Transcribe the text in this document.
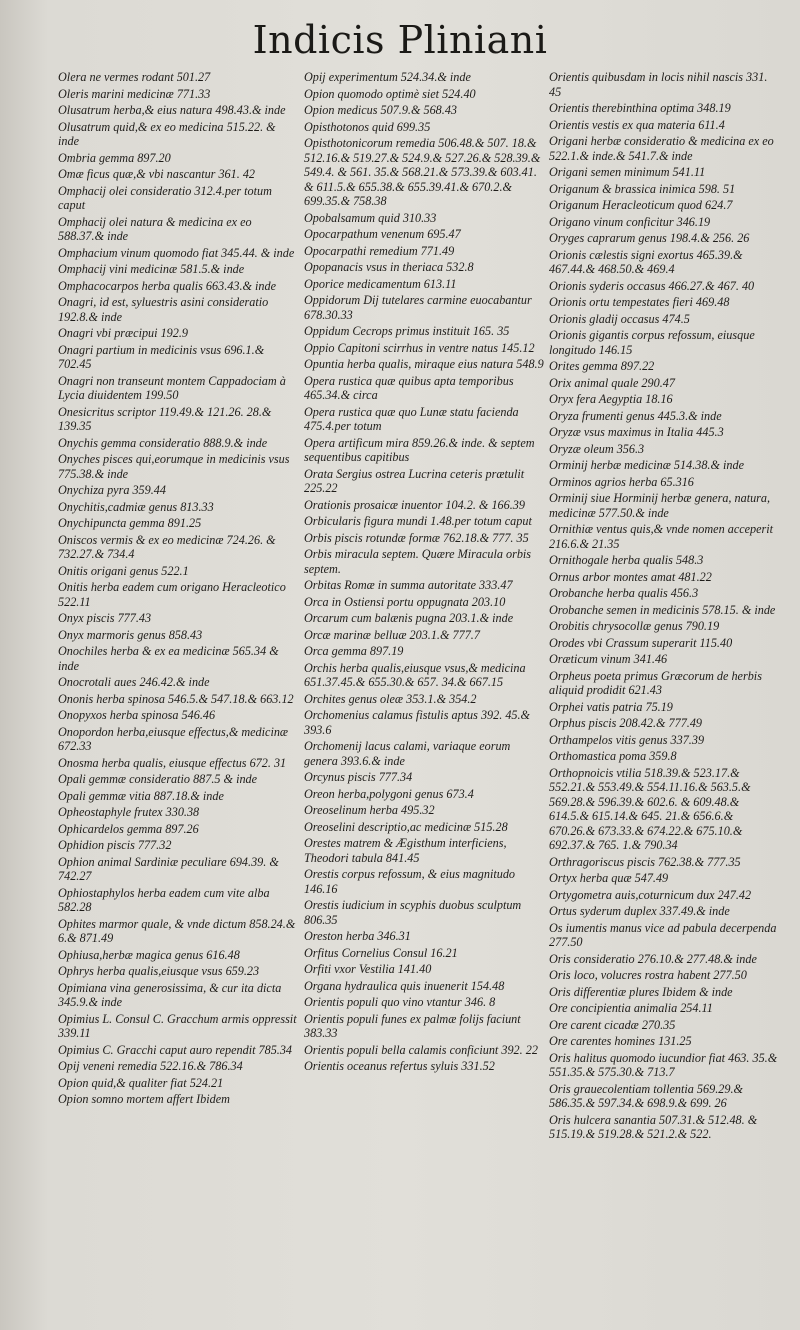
Indicis Pliniani
Olera ne vermes rodant 501.27
Oleris marini medicinæ 771.33
Olusatrum herba,& eius natura 498.43.& inde
Olusatrum quid,& ex eo medicina 515.22. & inde
Ombria gemma 897.20
Omæ ficus quæ,& vbi nascantur 361. 42
Omphacij olei consideratio 312.4.per totum caput
Omphacij olei natura & medicina ex eo 588.37.& inde
Omphacium vinum quomodo fiat 345.44. & inde
Omphacij vini medicinæ 581.5.& inde
Omphacocarpos herba qualis 663.43.& inde
Onagri, id est, syluestris asini consideratio 192.8.& inde
Onagri vbi præcipui 192.9
Onagri partium in medicinis vsus 696.1.& 702.45
Onagri non transeunt montem Cappadociam à Lycia diuidentem 199.50
Onesicritus scriptor 119.49.& 121.26. 28.& 139.35
Onychis gemma consideratio 888.9.& inde
Onyches pisces qui,eorumque in medicinis vsus 775.38.& inde
Onychiza pyra 359.44
Onychitis,cadmiæ genus 813.33
Onychipuncta gemma 891.25
Oniscos vermis & ex eo medicinæ 724.26. & 732.27.& 734.4
Onitis origani genus 522.1
Onitis herba eadem cum origano Heracleotico 522.11
Onyx piscis 777.43
Onyx marmoris genus 858.43
Onochiles herba & ex ea medicinæ 565.34 & inde
Onocrotali aues 246.42.& inde
Ononis herba spinosa 546.5.& 547.18.& 663.12
Onopyxos herba spinosa 546.46
Onopordon herba,eiusque effectus,& medicinæ 672.33
Onosma herba qualis, eiusque effectus 672. 31
Opali gemmæ consideratio 887.5 & inde
Opali gemmæ vitia 887.18.& inde
Opheostaphyle frutex 330.38
Ophicardelos gemma 897.26
Ophidion piscis 777.32
Ophion animal Sardiniæ peculiare 694.39. & 742.27
Ophiostaphylos herba eadem cum vite alba 582.28
Ophites marmor quale, & vnde dictum 858.24.& 6.& 871.49
Ophiusa,herbæ magica genus 616.48
Ophrys herba qualis,eiusque vsus 659.23
Opimiana vina generosissima, & cur ita dicta 345.9.& inde
Opimius L. Consul C. Gracchum armis oppressit 339.11
Opimius C. Gracchi caput auro rependit 785.34
Opij veneni remedia 522.16.& 786.34
Opion quid,& qualiter fiat 524.21
Opion somno mortem affert Ibidem
Opij experimentum 524.34.& inde
Opion quomodo optimè siet 524.40
Opion medicus 507.9.& 568.43
Opisthotonos quid 699.35
Opisthotonicorum remedia 506.48.& 507. 18.& 512.16.& 519.27.& 524.9.& 527.26.& 528.39.& 549.4. & 561. 35.& 568.21.& 573.39.& 603.41. & 611.5.& 655.38.& 655.39.41.& 670.2.& 699.35.& 758.38
Opobalsamum quid 310.33
Opocarpathum venenum 695.47
Opocarpathi remedium 771.49
Opopanacis vsus in theriaca 532.8
Oporice medicamentum 613.11
Oppidorum Dij tutelares carmine euocabantur 678.30.33
Oppidum Cecrops primus instituit 165. 35
Oppio Capitoni scirrhus in ventre natus 145.12
Opuntia herba qualis, miraque eius natura 548.9
Opera rustica quæ quibus apta temporibus 465.34.& circa
Opera rustica quæ quo Lunæ statu facienda 475.4.per totum
Opera artificum mira 859.26.& inde. & septem sequentibus capitibus
Orata Sergius ostrea Lucrina ceteris prætulit 225.22
Orationis prosaicæ inuentor 104.2. & 166.39
Orbicularis figura mundi 1.48.per totum caput
Orbis piscis rotundæ formæ 762.18.& 777. 35
Orbis miracula septem. Quære Miracula orbis septem.
Orbitas Romæ in summa autoritate 333.47
Orca in Ostiensi portu oppugnata 203.10
Orcarum cum balænis pugna 203.1.& inde
Orcæ marinæ belluæ 203.1.& 777.7
Orca gemma 897.19
Orchis herba qualis,eiusque vsus,& medicina 651.37.45.& 655.30.& 657. 34.& 667.15
Orchites genus oleæ 353.1.& 354.2
Orchomenius calamus fistulis aptus 392. 45.& 393.6
Orchomenij lacus calami, variaque eorum genera 393.6.& inde
Orcynus piscis 777.34
Oreon herba,polygoni genus 673.4
Oreoselinum herba 495.32
Oreoselini descriptio,ac medicinæ 515.28
Orestes matrem & Ægisthum interficiens, Theodori tabula 841.45
Orestis corpus refossum, & eius magnitudo 146.16
Orestis iudicium in scyphis duobus sculptum 806.35
Oreston herba 346.31
Orfitus Cornelius Consul 16.21
Orfiti vxor Vestilia 141.40
Organa hydraulica quis inuenerit 154.48
Orientis populi quo vino vtantur 346. 8
Orientis populi funes ex palmæ folijs faciunt 383.33
Orientis populi bella calamis conficiunt 392. 22
Orientis oceanus refertus syluis 331.52
Orientis quibusdam in locis nihil nascis 331. 45
Orientis therebinthina optima 348.19
Orientis vestis ex qua materia 611.4
Origani herbæ consideratio & medicina ex eo 522.1.& inde.& 541.7.& inde
Origani semen minimum 541.11
Origanum & brassica inimica 598. 51
Origanum Heracleoticum quod 624.7
Origano vinum conficitur 346.19
Oryges caprarum genus 198.4.& 256. 26
Orionis cælestis signi exortus 465.39.& 467.44.& 468.50.& 469.4
Orionis syderis occasus 466.27.& 467. 40
Orionis ortu tempestates fieri 469.48
Orionis gladij occasus 474.5
Orionis gigantis corpus refossum, eiusque longitudo 146.15
Orites gemma 897.22
Orix animal quale 290.47
Oryx fera Aegyptia 18.16
Oryza frumenti genus 445.3.& inde
Oryzæ vsus maximus in Italia 445.3
Oryzæ oleum 356.3
Orminij herbæ medicinæ 514.38.& inde
Orminos agrios herba 65.316
Orminij siue Horminij herbæ genera, natura, medicinæ 577.50.& inde
Ornithiæ ventus quis,& vnde nomen acceperit 216.6.& 21.35
Ornithogale herba qualis 548.3
Ornus arbor montes amat 481.22
Orobanche herba qualis 456.3
Orobanche semen in medicinis 578.15. & inde
Orobitis chrysocollæ genus 790.19
Orodes vbi Crassum superarit 115.40
Oræticum vinum 341.46
Orpheus poeta primus Græcorum de herbis aliquid prodidit 621.43
Orphei vatis patria 75.19
Orphus piscis 208.42.& 777.49
Orthampelos vitis genus 337.39
Orthomastica poma 359.8
Orthopnoicis vtilia 518.39.& 523.17.& 552.21.& 553.49.& 554.11.16.& 563.5.& 569.28.& 596.39.& 602.6. & 609.48.& 614.5.& 615.14.& 645. 21.& 656.6.& 670.26.& 673.33.& 674.22.& 675.10.& 692.37.& 765. 1.& 790.34
Orthragoriscus piscis 762.38.& 777.35
Ortyx herba quæ 547.49
Ortygometra auis,coturnicum dux 247.42
Ortus syderum duplex 337.49.& inde
Os iumentis manus vice ad pabula decerpenda 277.50
Oris consideratio 276.10.& 277.48.& inde
Oris loco, volucres rostra habent 277.50
Oris differentiæ plures Ibidem & inde
Ore concipientia animalia 254.11
Ore carent cicadæ 270.35
Ore carentes homines 131.25
Oris halitus quomodo iucundior fiat 463. 35.& 551.35.& 575.30.& 713.7
Oris grauecolentiam tollentia 569.29.& 586.35.& 597.34.& 698.9.& 699. 26
Oris hulcera sanantia 507.31.& 512.48. & 515.19.& 519.28.& 521.2.& 522.
